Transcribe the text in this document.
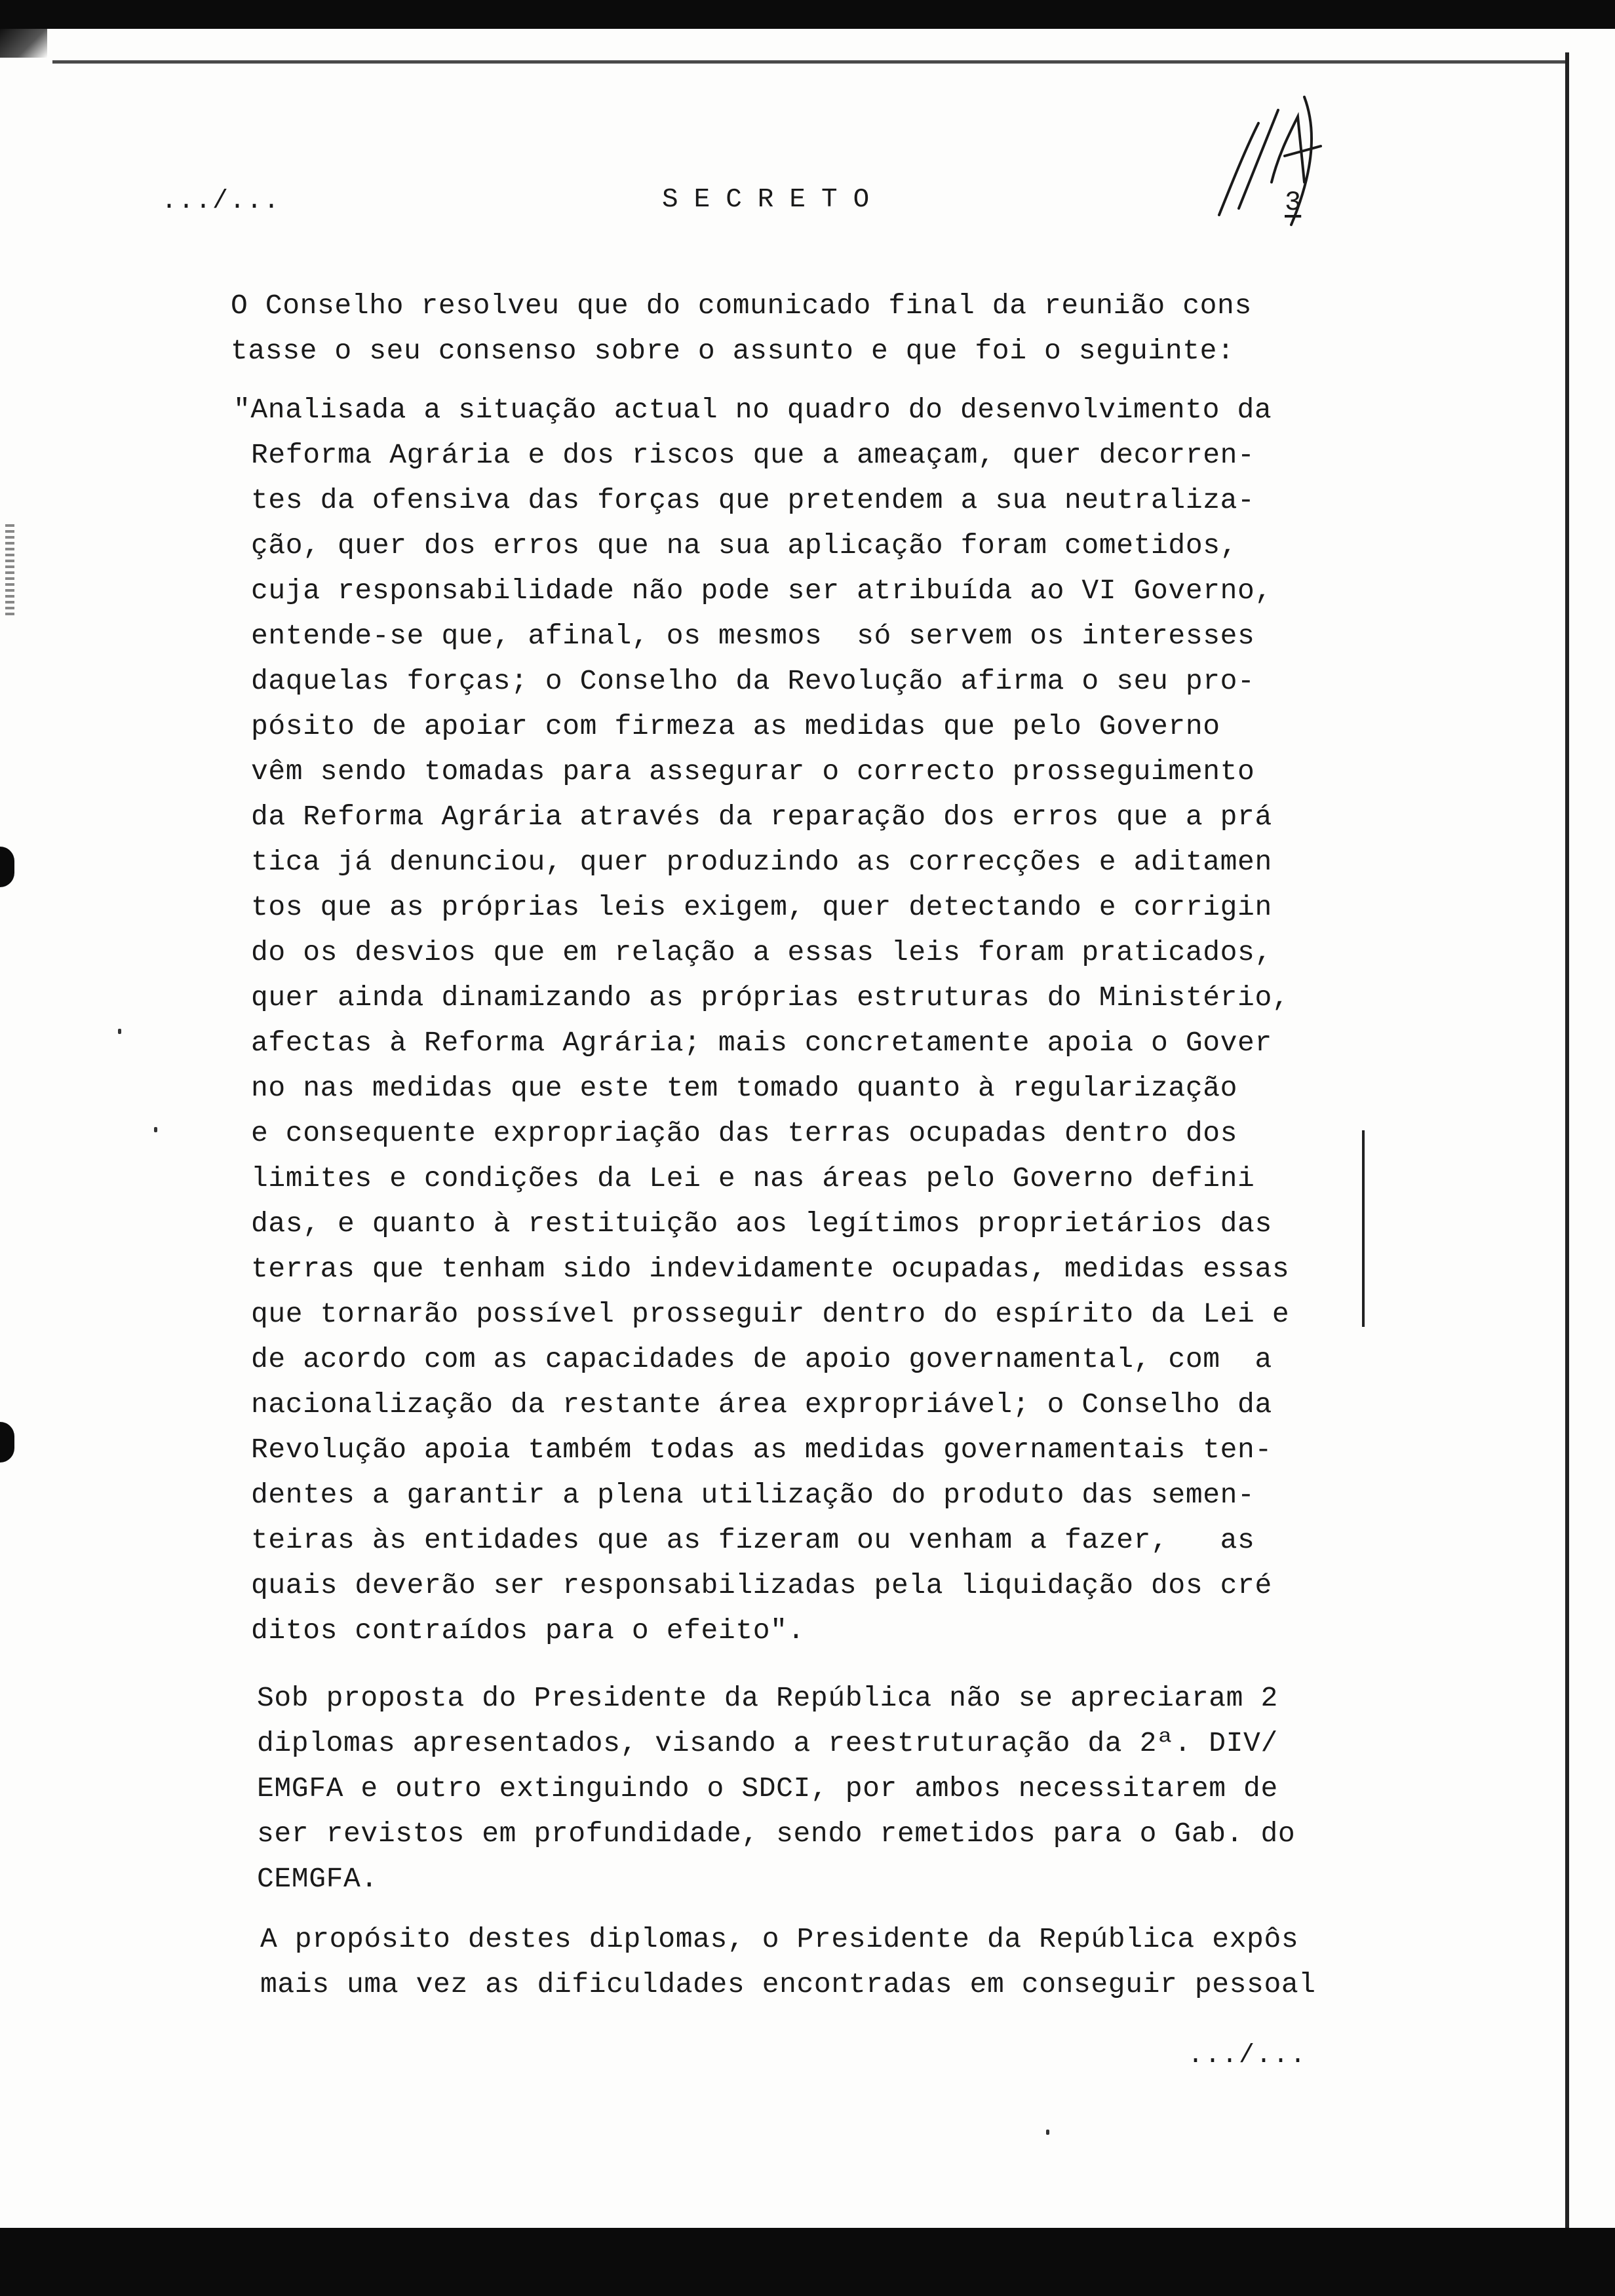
.../...	SECRETO	3
O Conselho resolveu que do comunicado final da reunião cons
tasse o seu consenso sobre o assunto e que foi o seguinte:
"Analisada a situação actual no quadro do desenvolvimento da
Reforma Agrária e dos riscos que a ameaçam, quer decorren-
tes da ofensiva das forças que pretendem a sua neutraliza-
ção, quer dos erros que na sua aplicação foram cometidos,
cuja responsabilidade não pode ser atribuída ao VI Governo,
entende-se que, afinal, os mesmos  só servem os interesses
daquelas forças; o Conselho da Revolução afirma o seu pro-
pósito de apoiar com firmeza as medidas que pelo Governo
vêm sendo tomadas para assegurar o correcto prosseguimento
da Reforma Agrária através da reparação dos erros que a prá
tica já denunciou, quer produzindo as correcções e aditamen
tos que as próprias leis exigem, quer detectando e corrigin
do os desvios que em relação a essas leis foram praticados,
quer ainda dinamizando as próprias estruturas do Ministério,
afectas à Reforma Agrária; mais concretamente apoia o Gover
no nas medidas que este tem tomado quanto à regularização
e consequente expropriação das terras ocupadas dentro dos
limites e condições da Lei e nas áreas pelo Governo defini
das, e quanto à restituição aos legítimos proprietários das
terras que tenham sido indevidamente ocupadas, medidas essas
que tornarão possível prosseguir dentro do espírito da Lei e
de acordo com as capacidades de apoio governamental, com  a
nacionalização da restante área expropriável; o Conselho da
Revolução apoia também todas as medidas governamentais ten-
dentes a garantir a plena utilização do produto das semen-
teiras às entidades que as fizeram ou venham a fazer,   as
quais deverão ser responsabilizadas pela liquidação dos cré
ditos contraídos para o efeito".
Sob proposta do Presidente da República não se apreciaram 2
diplomas apresentados, visando a reestruturação da 2ª. DIV/
EMGFA e outro extinguindo o SDCI, por ambos necessitarem de
ser revistos em profundidade, sendo remetidos para o Gab. do
CEMGFA.
A propósito destes diplomas, o Presidente da República expôs
mais uma vez as dificuldades encontradas em conseguir pessoal
.../...
